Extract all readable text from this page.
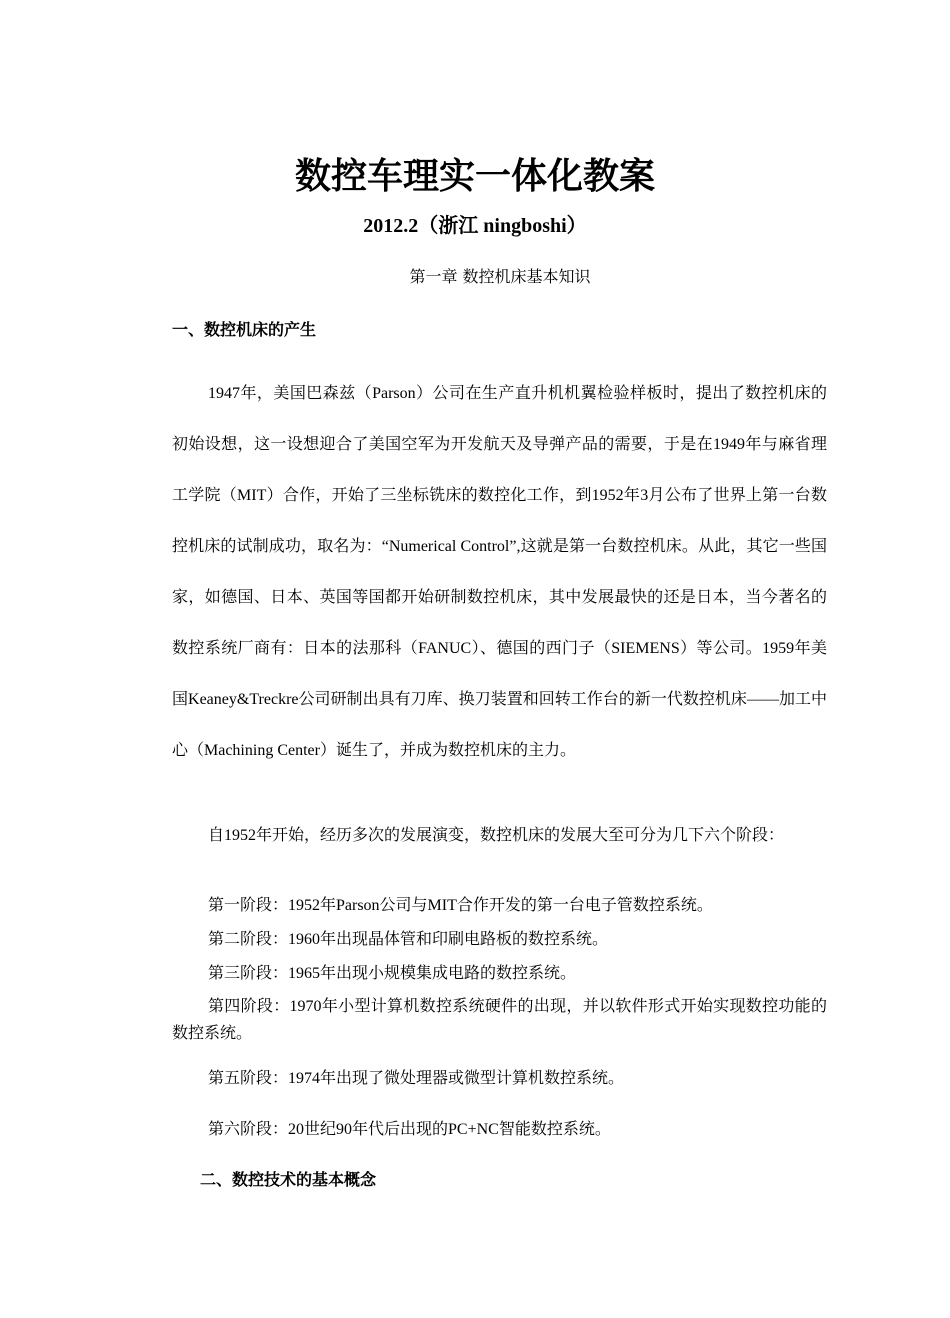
数控车理实一体化教案
2012.2（浙江 ningboshi）

第一章 数控机床基本知识

一、数控机床的产生

1947年，美国巴森兹（Parson）公司在生产直升机机翼检验样板时，提出了数控机床的初始设想，这一设想迎合了美国空军为开发航天及导弹产品的需要，于是在1949年与麻省理工学院（MIT）合作，开始了三坐标铣床的数控化工作，到1952年3月公布了世界上第一台数控机床的试制成功，取名为：“Numerical Control”,这就是第一台数控机床。从此，其它一些国家，如德国、日本、英国等国都开始研制数控机床，其中发展最快的还是日本，当今著名的数控系统厂商有：日本的法那科（FANUC）、德国的西门子（SIEMENS）等公司。1959年美国Keaney&Treckre公司研制出具有刀库、换刀装置和回转工作台的新一代数控机床——加工中心（Machining Center）诞生了，并成为数控机床的主力。

自1952年开始，经历多次的发展演变，数控机床的发展大至可分为几下六个阶段：

第一阶段：1952年Parson公司与MIT合作开发的第一台电子管数控系统。

第二阶段：1960年出现晶体管和印刷电路板的数控系统。

第三阶段：1965年出现小规模集成电路的数控系统。

第四阶段：1970年小型计算机数控系统硬件的出现，并以软件形式开始实现数控功能的数控系统。

第五阶段：1974年出现了微处理器或微型计算机数控系统。

第六阶段：20世纪90年代后出现的PC+NC智能数控系统。

二、数控技术的基本概念
